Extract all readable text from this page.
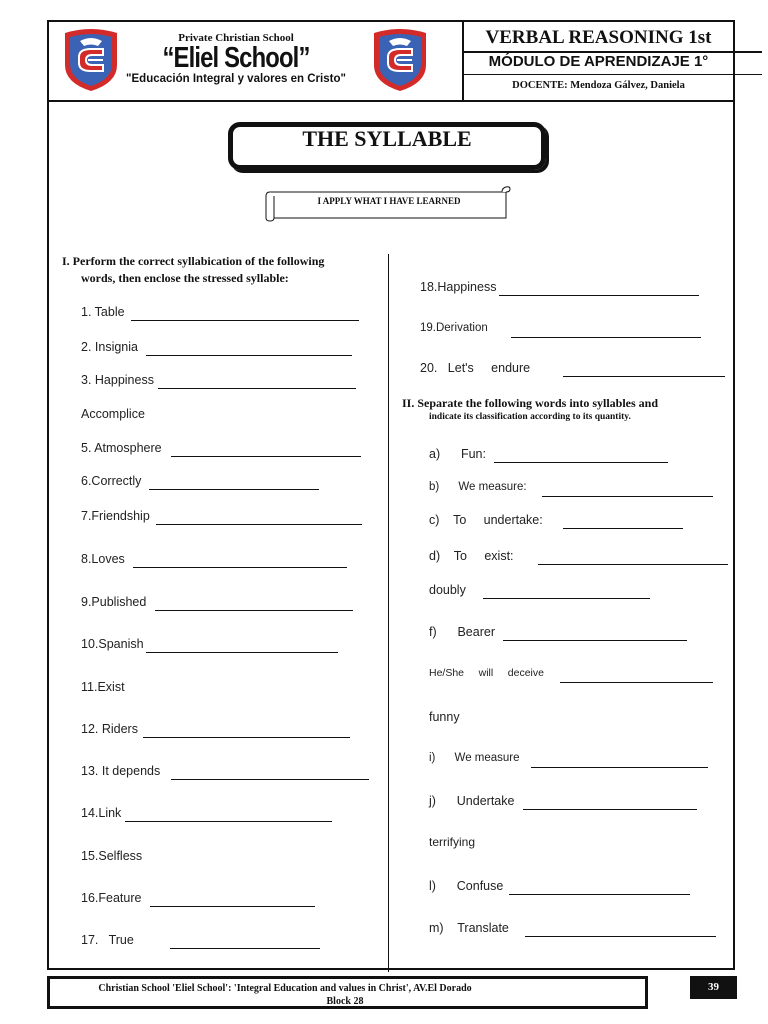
Private Christian School
“Eliel School”
"Educación Integral y valores en Cristo"
VERBAL REASONING 1st
MÓDULO DE APRENDIZAJE 1°
DOCENTE: Mendoza Gálvez, Daniela
THE SYLLABLE
I APPLY WHAT I HAVE LEARNED
I. Perform the correct syllabication of the following
words, then enclose the stressed syllable:
1. Table
2. Insignia
3. Happiness
Accomplice
5. Atmosphere
6.Correctly
7.Friendship
8.Loves
9.Published
10.Spanish
11.Exist
12. Riders
13. It depends
14.Link
15.Selfless
16.Feature
17.   True
18.Happiness
19.Derivation
20.   Let's     endure
II. Separate the following words into syllables and
indicate its classification according to its quantity.
a)      Fun:
b)      We measure:
c)    To     undertake:
d)    To     exist:
doubly
f)      Bearer
He/She     will     deceive
funny
i)      We measure
j)      Undertake
terrifying
l)      Confuse
m)    Translate
Christian School 'Eliel School': 'Integral Education and values in Christ', AV.El Dorado
Block 28
39
